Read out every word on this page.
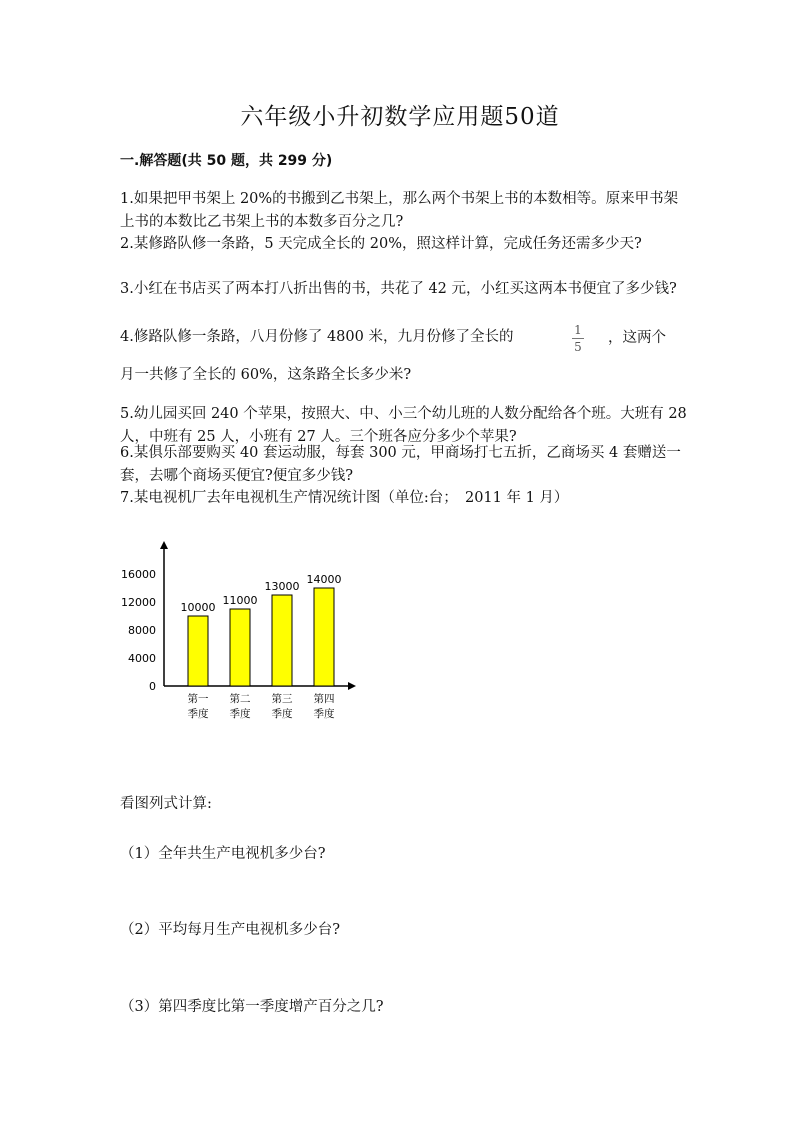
六年级小升初数学应用题50道
一.解答题(共 50 题，共 299 分)
1.如果把甲书架上 20%的书搬到乙书架上，那么两个书架上书的本数相等。原来甲书架上书的本数比乙书架上书的本数多百分之几?
2.某修路队修一条路，5 天完成全长的 20%，照这样计算，完成任务还需多少天?
3.小红在书店买了两本打八折出售的书，共花了 42 元，小红买这两本书便宜了多少钱?
4.修路队修一条路，八月份修了 4800 米，九月份修了全长的	1
5
，这两个
月一共修了全长的 60%，这条路全长多少米?
5.幼儿园买回 240 个苹果，按照大、中、小三个幼儿班的人数分配给各个班。大班有 28 人，中班有 25 人，小班有 27 人。三个班各应分多少个苹果?
6.某俱乐部要购买 40 套运动服，每套 300 元，甲商场打七五折，乙商场买 4 套赠送一套，去哪个商场买便宜?便宜多少钱?
7.某电视机厂去年电视机生产情况统计图（单位:台；　2011 年 1 月）
0
4000
8000
12000
16000
10000
第一
季度
11000
第二
季度
13000
第三
季度
14000
第四
季度
看图列式计算:
（1）全年共生产电视机多少台?
（2）平均每月生产电视机多少台?
（3）第四季度比第一季度增产百分之几?
